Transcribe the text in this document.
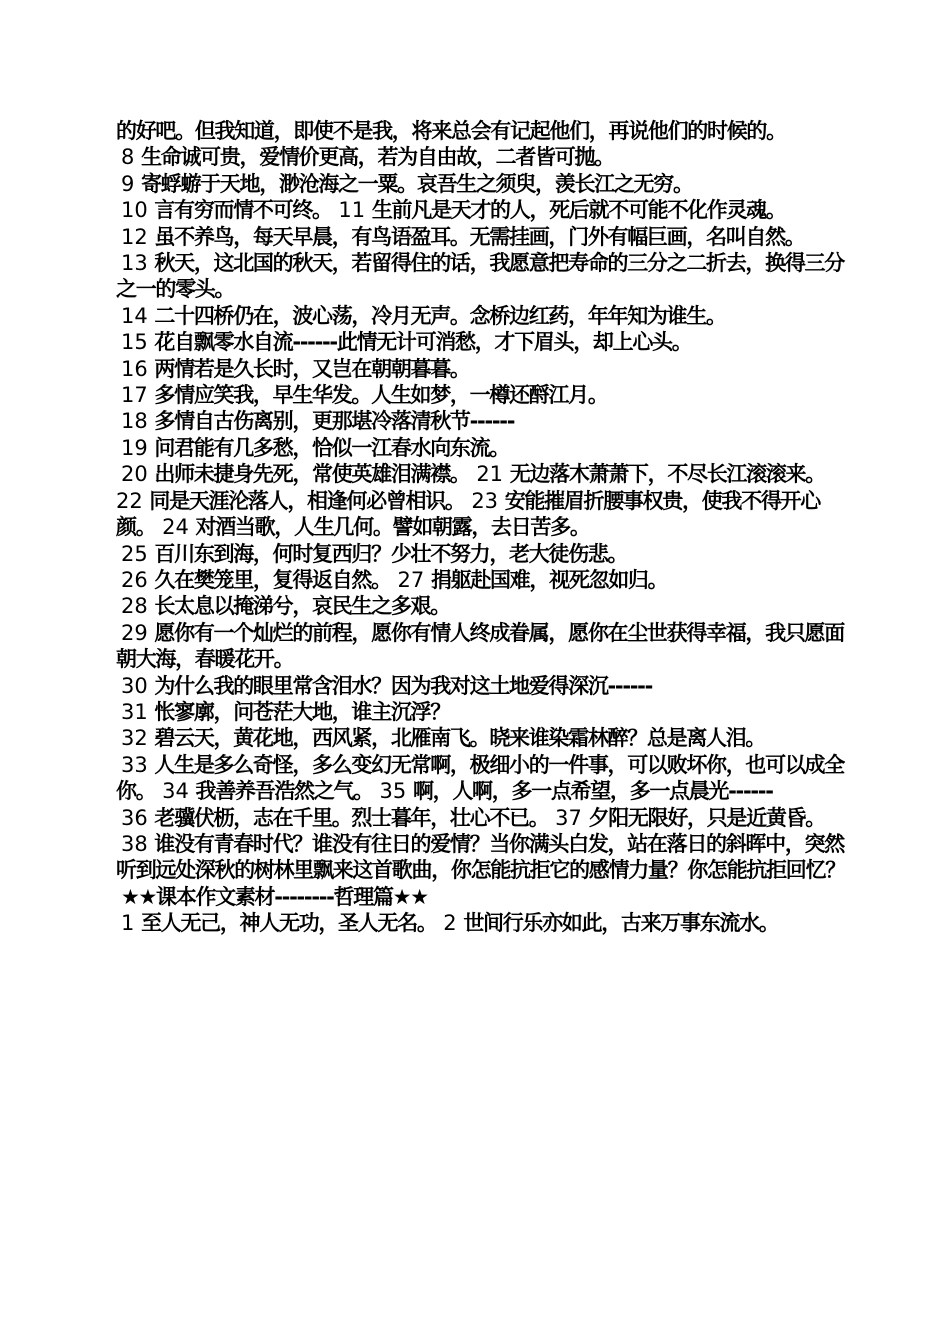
的好吧。但我知道，即使不是我，将来总会有记起他们，再说他们的时候的。

8 生命诚可贵，爱情价更高，若为自由故，二者皆可抛。

9 寄蜉蝣于天地，渺沧海之一粟。哀吾生之须臾，羡长江之无穷。

10 言有穷而情不可终。 11 生前凡是天才的人，死后就不可能不化作灵魂。

12 虽不养鸟，每天早晨，有鸟语盈耳。无需挂画，门外有幅巨画，名叫自然。

13 秋天，这北国的秋天，若留得住的话，我愿意把寿命的三分之二折去，换得三分之一的零头。

14 二十四桥仍在，波心荡，冷月无声。念桥边红药，年年知为谁生。

15 花自飘零水自流------此情无计可消愁，才下眉头，却上心头。

16 两情若是久长时，又岂在朝朝暮暮。

17 多情应笑我，早生华发。人生如梦，一樽还酹江月。

18 多情自古伤离别，更那堪冷落清秋节------

19 问君能有几多愁，恰似一江春水向东流。

20 出师未捷身先死，常使英雄泪满襟。 21 无边落木萧萧下，不尽长江滚滚来。 22 同是天涯沦落人，相逢何必曾相识。 23 安能摧眉折腰事权贵，使我不得开心颜。 24 对酒当歌，人生几何。譬如朝露，去日苦多。

25 百川东到海，何时复西归？少壮不努力，老大徒伤悲。

26 久在樊笼里，复得返自然。 27 捐躯赴国难，视死忽如归。

28 长太息以掩涕兮，哀民生之多艰。

29 愿你有一个灿烂的前程，愿你有情人终成眷属，愿你在尘世获得幸福，我只愿面朝大海，春暖花开。

30 为什么我的眼里常含泪水？因为我对这土地爱得深沉------

31 怅寥廓，问苍茫大地，谁主沉浮？

32 碧云天，黄花地，西风紧，北雁南飞。晓来谁染霜林醉？总是离人泪。

33 人生是多么奇怪，多么变幻无常啊，极细小的一件事，可以败坏你，也可以成全你。 34 我善养吾浩然之气。 35 啊，人啊，多一点希望，多一点晨光------

36 老骥伏枥，志在千里。烈士暮年，壮心不已。 37 夕阳无限好，只是近黄昏。

38 谁没有青春时代？谁没有往日的爱情？当你满头白发，站在落日的斜晖中，突然听到远处深秋的树林里飘来这首歌曲，你怎能抗拒它的感情力量？你怎能抗拒回忆？

★★课本作文素材--------哲理篇★★

1 至人无己，神人无功，圣人无名。 2 世间行乐亦如此，古来万事东流水。
